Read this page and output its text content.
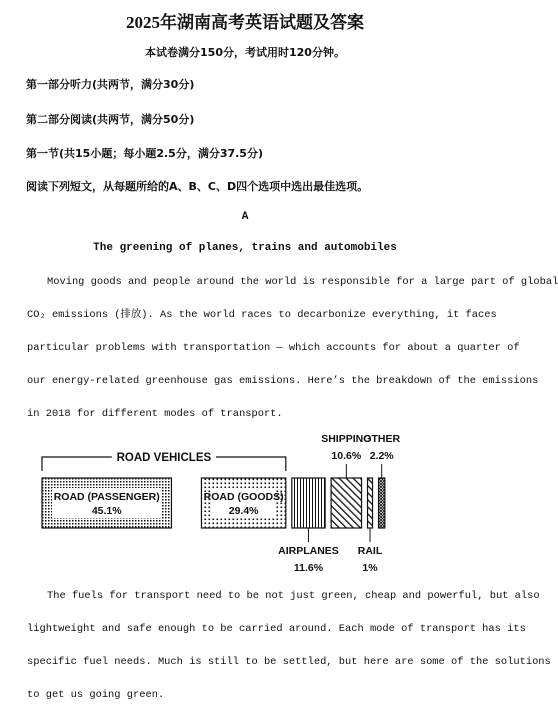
2025年湖南高考英语试题及答案
本试卷满分150分，考试用时120分钟。
第一部分听力(共两节，满分30分)
第二部分阅读(共两节，满分50分)
第一节(共15小题；每小题2.5分，满分37.5分)
阅读下列短文，从每题所给的A、B、C、D四个选项中选出最佳选项。
A
The greening of planes, trains and automobiles
Moving goods and people around the world is responsible for a large part of global
CO₂ emissions (排放). As the world races to decarbonize everything, it faces
particular problems with transportation — which accounts for about a quarter of
our energy-related greenhouse gas emissions. Here’s the breakdown of the emissions
in 2018 for different modes of transport.
ROAD VEHICLES
ROAD (PASSENGER)
45.1%
ROAD (GOODS)
29.4%
AIRPLANES
11.6%
SHIPPING
10.6%
RAIL
1%
OTHER
2.2%
The fuels for transport need to be not just green, cheap and powerful, but also
lightweight and safe enough to be carried around. Each mode of transport has its
specific fuel needs. Much is still to be settled, but here are some of the solutions
to get us going green.
